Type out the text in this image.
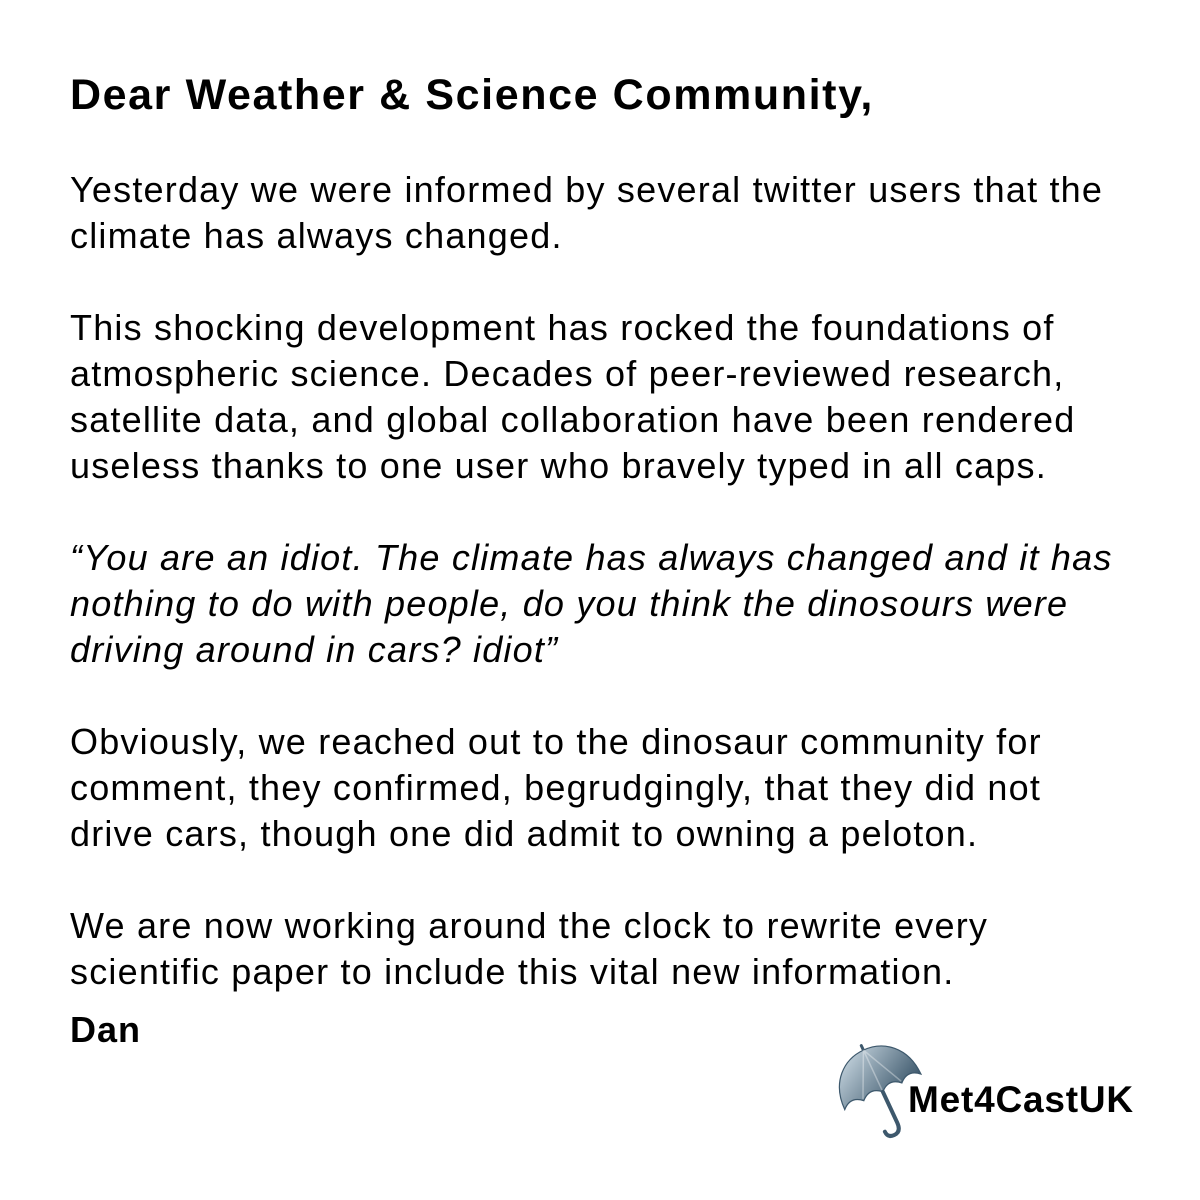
Dear Weather & Science Community,
Yesterday we were informed by several twitter users that the
climate has always changed.
This shocking development has rocked the foundations of
atmospheric science. Decades of peer-reviewed research,
satellite data, and global collaboration have been rendered
useless thanks to one user who bravely typed in all caps.
“You are an idiot. The climate has always changed and it has
nothing to do with people, do you think the dinosours were
driving around in cars? idiot”
Obviously, we reached out to the dinosaur community for
comment, they confirmed, begrudgingly, that they did not
drive cars, though one did admit to owning a peloton.
We are now working around the clock to rewrite every
scientific paper to include this vital new information.
Dan
Met4CastUK
